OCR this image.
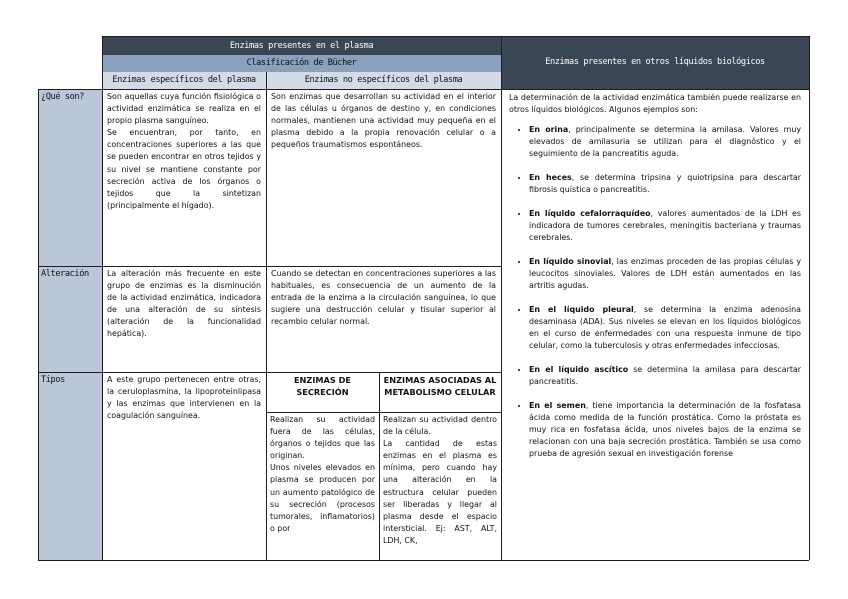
Enzimas presentes en el plasma
Clasificación de Bücher
Enzimas específicos del plasma	Enzimas no específicos del plasma
Enzimas presentes en otros líquidos biológicos
¿Qué son?
Alteración
Tipos

Son aquellas cuya función fisiológica o actividad enzimática se realiza en el propio plasma sanguíneo.

Se encuentran, por tanto, en concentraciones superiores a las que se pueden encontrar en otros tejidos y su nivel se mantiene constante por secreción activa de los órganos o tejidos que la sintetizan (principalmente el hígado).

Son enzimas que desarrollan su actividad en el interior de las células u órganos de destino y, en condiciones normales, mantienen una actividad muy pequeña en el plasma debido a la propia renovación celular o a pequeños traumatismos espontáneos.

La alteración más frecuente en este grupo de enzimas es la disminución de la actividad enzimática, indicadora de una alteración de su síntesis (alteración de la funcionalidad hepática).

Cuando se detectan en concentraciones superiores a las habituales, es consecuencia de un aumento de la entrada de la enzima a la circulación sanguínea, lo que sugiere una destrucción celular y tisular superior al recambio celular normal.

A este grupo pertenecen entre otras, la ceruloplasmina, la lipoproteinlipasa y las enzimas que intervienen en la coagulación sanguínea.

ENZIMAS DE SECRECIÓN
ENZIMAS ASOCIADAS AL METABOLISMO CELULAR

Realizan su actividad fuera de las células, órganos o tejidos que las originan.

Unos niveles elevados en plasma se producen por un aumento patológico de su secreción (procesos tumorales, inflamatorios) o por

Realizan su actividad dentro de la célula.

La cantidad de estas enzimas en el plasma es mínima, pero cuando hay una alteración en la estructura celular pueden ser liberadas y llegar al plasma desde el espacio intersticial. Ej: AST, ALT, LDH, CK,

La determinación de la actividad enzimática también puede realizarse en otros líquidos biológicos. Algunos ejemplos son:
• En orina, principalmente se determina la amilasa. Valores muy elevados de amilasuria se utilizan para el diagnóstico y el seguimiento de la pancreatitis aguda.
• En heces, se determina tripsina y quiotripsina para descartar fibrosis quística o pancreatitis.
• En líquido cefalorraquídeo, valores aumentados de la LDH es indicadora de tumores cerebrales, meningitis bacteriana y traumas cerebrales.
• En líquido sinovial, las enzimas proceden de las propias células y leucocitos sinoviales. Valores de LDH están aumentados en las artritis agudas.
• En el líquido pleural, se determina la enzima adenosina desaminasa (ADA). Sus niveles se elevan en los líquidos biológicos en el curso de enfermedades con una respuesta inmune de tipo celular, como la tuberculosis y otras enfermedades infecciosas.
• En el líquido ascítico se determina la amilasa para descartar pancreatitis.
• En el semen, tiene importancia la determinación de la fosfatasa ácida como medida de la función prostática. Como la próstata es muy rica en fosfatasa ácida, unos niveles bajos de la enzima se relacionan con una baja secreción prostática. También se usa como prueba de agresión sexual en investigación forense
